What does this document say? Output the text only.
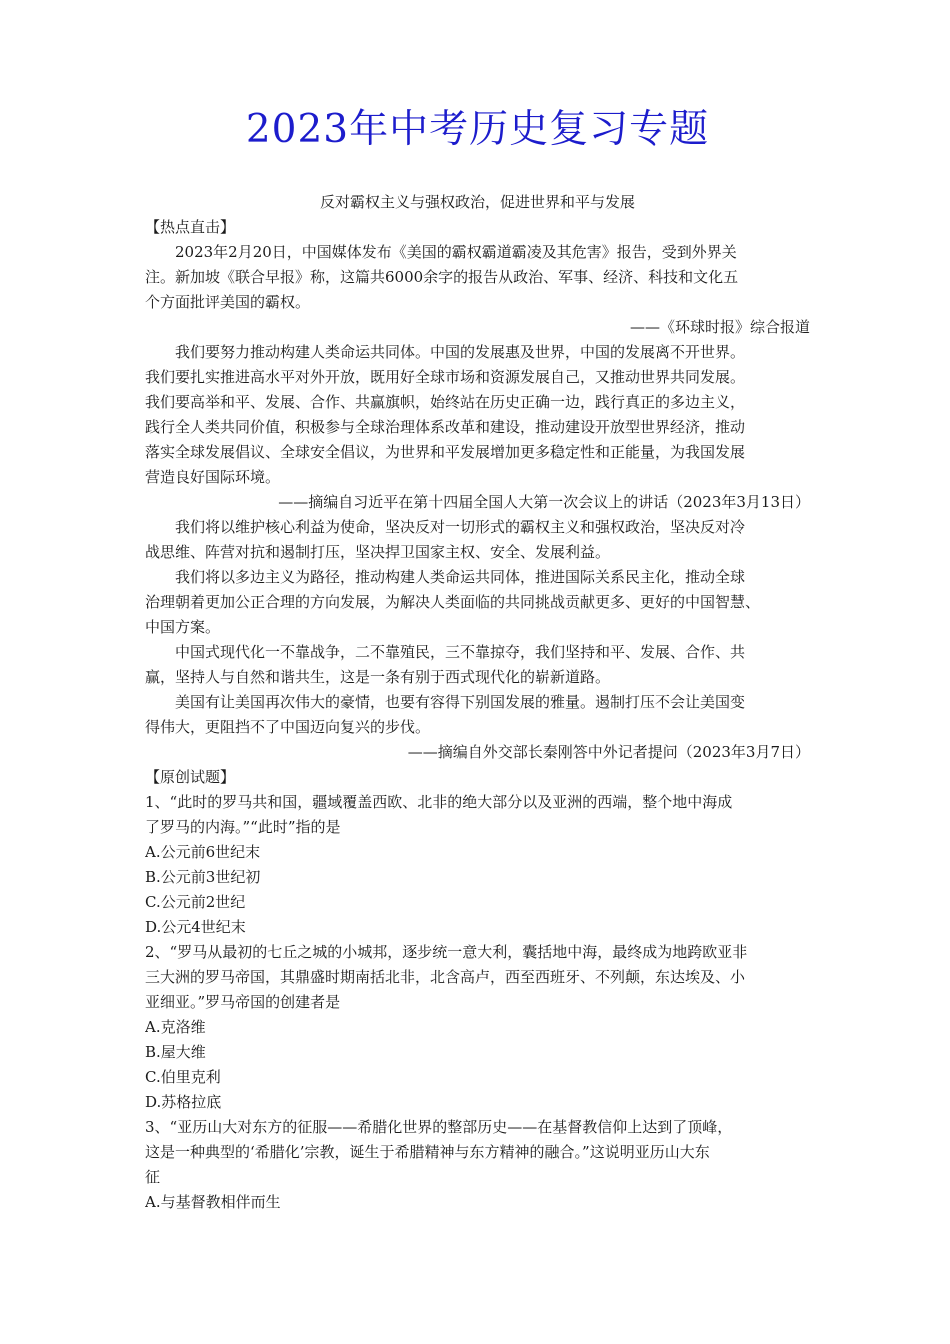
2023年中考历史复习专题
反对霸权主义与强权政治，促进世界和平与发展
【热点直击】
2023年2月20日，中国媒体发布《美国的霸权霸道霸凌及其危害》报告，受到外界关
注。新加坡《联合早报》称，这篇共6000余字的报告从政治、军事、经济、科技和文化五
个方面批评美国的霸权。
——《环球时报》综合报道
我们要努力推动构建人类命运共同体。中国的发展惠及世界，中国的发展离不开世界。
我们要扎实推进高水平对外开放，既用好全球市场和资源发展自己，又推动世界共同发展。
我们要高举和平、发展、合作、共赢旗帜，始终站在历史正确一边，践行真正的多边主义，
践行全人类共同价值，积极参与全球治理体系改革和建设，推动建设开放型世界经济，推动
落实全球发展倡议、全球安全倡议，为世界和平发展增加更多稳定性和正能量，为我国发展
营造良好国际环境。
——摘编自习近平在第十四届全国人大第一次会议上的讲话（2023年3月13日）
我们将以维护核心利益为使命，坚决反对一切形式的霸权主义和强权政治，坚决反对冷
战思维、阵营对抗和遏制打压，坚决捍卫国家主权、安全、发展利益。
我们将以多边主义为路径，推动构建人类命运共同体，推进国际关系民主化，推动全球
治理朝着更加公正合理的方向发展，为解决人类面临的共同挑战贡献更多、更好的中国智慧、
中国方案。
中国式现代化一不靠战争，二不靠殖民，三不靠掠夺，我们坚持和平、发展、合作、共
赢，坚持人与自然和谐共生，这是一条有别于西式现代化的崭新道路。
美国有让美国再次伟大的豪情，也要有容得下别国发展的雅量。遏制打压不会让美国变
得伟大，更阻挡不了中国迈向复兴的步伐。
——摘编自外交部长秦刚答中外记者提问（2023年3月7日）
【原创试题】
1、“此时的罗马共和国，疆域覆盖西欧、北非的绝大部分以及亚洲的西端，整个地中海成
了罗马的内海。”“此时”指的是
A.公元前6世纪末
B.公元前3世纪初
C.公元前2世纪
D.公元4世纪末
2、“罗马从最初的七丘之城的小城邦，逐步统一意大利，囊括地中海，最终成为地跨欧亚非
三大洲的罗马帝国，其鼎盛时期南括北非，北含高卢，西至西班牙、不列颠，东达埃及、小
亚细亚。”罗马帝国的创建者是
A.克洛维
B.屋大维
C.伯里克利
D.苏格拉底
3、“亚历山大对东方的征服——希腊化世界的整部历史——在基督教信仰上达到了顶峰，
这是一种典型的‘希腊化’宗教，诞生于希腊精神与东方精神的融合。”这说明亚历山大东
征
A.与基督教相伴而生
